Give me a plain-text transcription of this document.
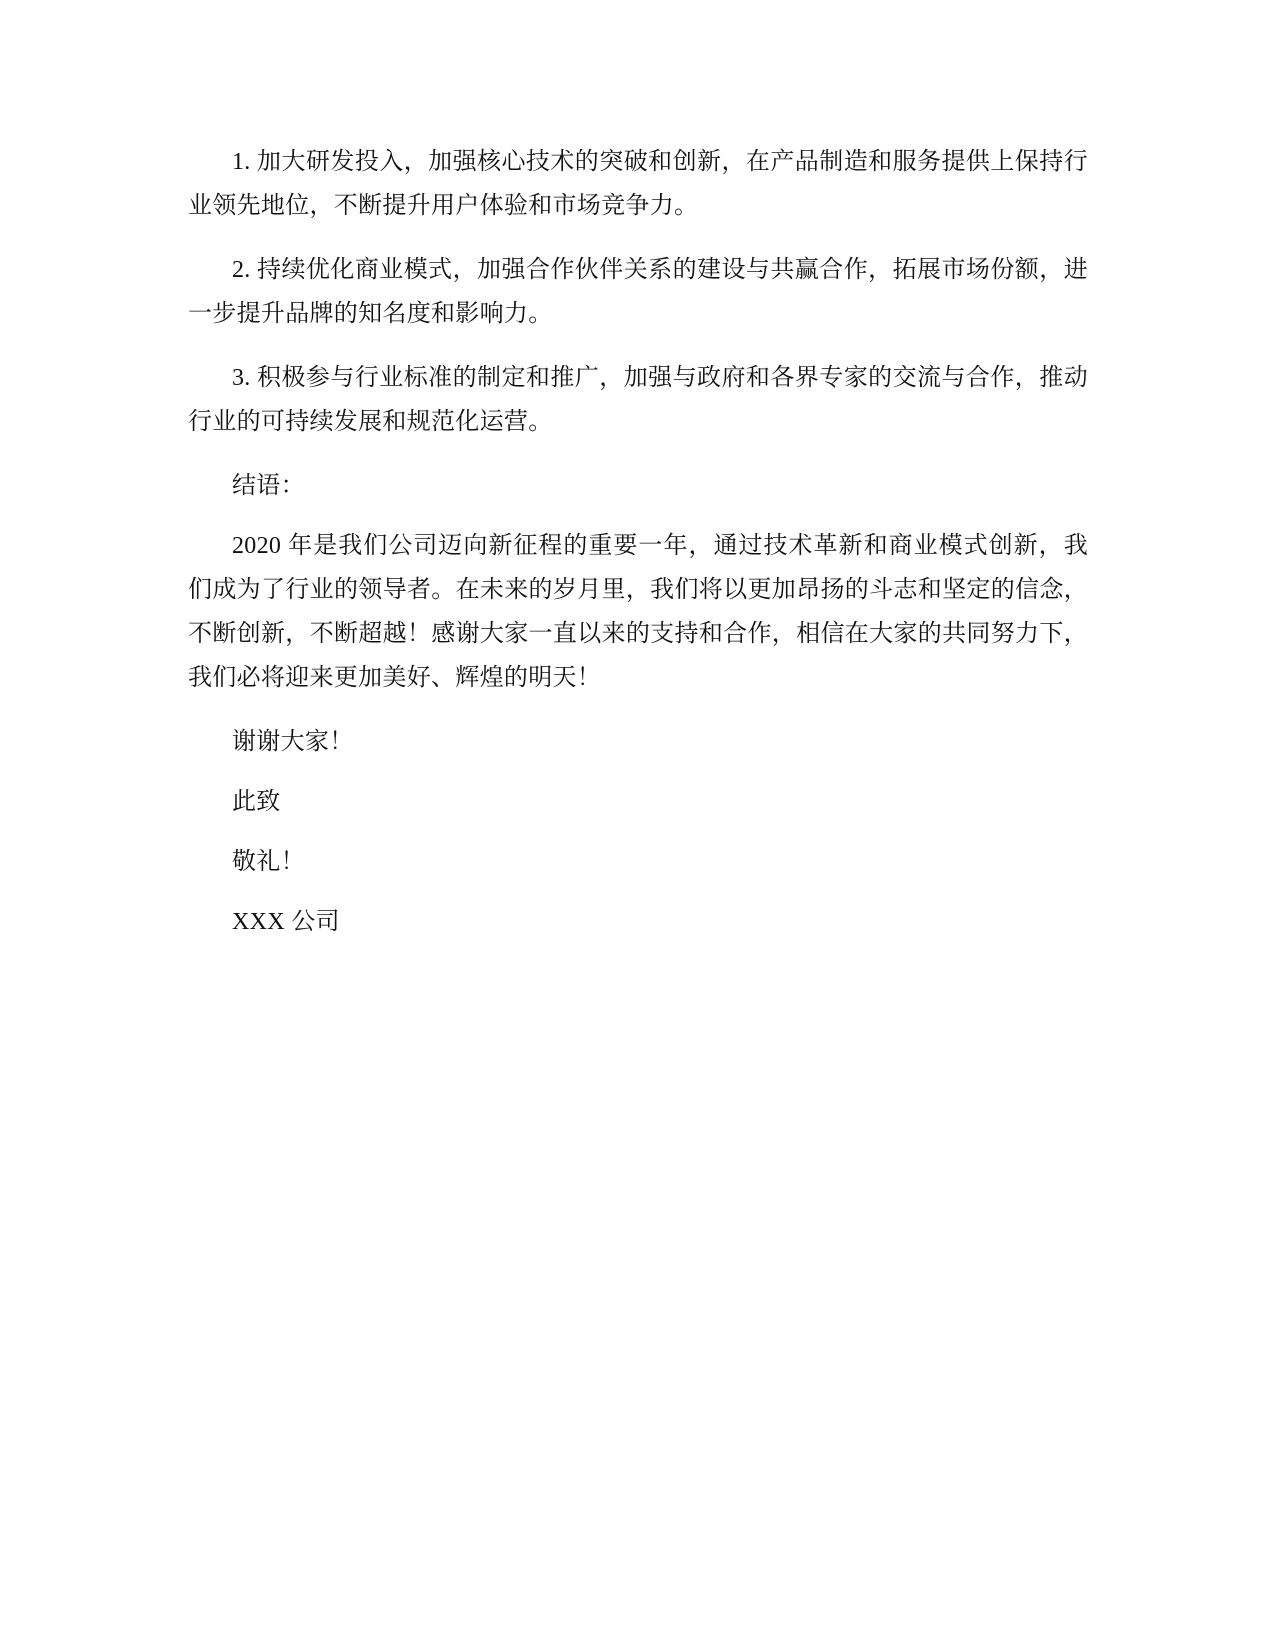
1. 加大研发投入，加强核心技术的突破和创新，在产品制造和服务提供上保持行业领先地位，不断提升用户体验和市场竞争力。

2. 持续优化商业模式，加强合作伙伴关系的建设与共赢合作，拓展市场份额，进一步提升品牌的知名度和影响力。

3. 积极参与行业标准的制定和推广，加强与政府和各界专家的交流与合作，推动行业的可持续发展和规范化运营。

结语：

2020 年是我们公司迈向新征程的重要一年，通过技术革新和商业模式创新，我们成为了行业的领导者。在未来的岁月里，我们将以更加昂扬的斗志和坚定的信念，不断创新，不断超越！感谢大家一直以来的支持和合作，相信在大家的共同努力下，我们必将迎来更加美好、辉煌的明天！

谢谢大家！

此致

敬礼！

XXX 公司
